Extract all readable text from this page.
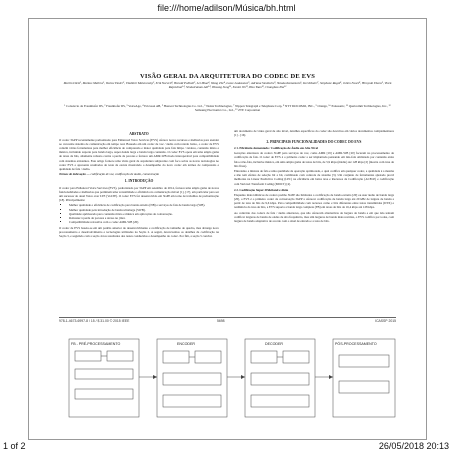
file:///home/adilson/Música/bh.html
VISÃO GERAL DA ARQUITETURA DO CODEC DE EVS
Martin Dietz¹, Markus Multrus¹, Vaclav Eksler², Vladimir Malenovsky², Erik Norvell³, Harald Pobloth³, Lei Miao⁴, Wang Zhe⁴, Lasse Laaksonen⁵, Adriana Vasilache⁵, Yutaka Kamamoto⁶, Kei Kikuiri⁷, Stephane Ragot⁸, Julien Faure⁸, Hiroyuki Ehara⁹, Vivek Rajendran¹⁰, Venkatraman Atti¹⁰, Hosang Sung¹¹, Eunmi Oh¹¹, Hao Yuan¹², Changbao Zhu¹²
¹ Consórcio da Fraunhofer IIS, ² Fraunhofer IIS, ³ VoiceAge, ⁴ Ericsson AB, ⁵ Huawei Technologies Co. Ltd., ⁶ Nokia Technologies, ⁷ Nippon Telegraph e Telephone Corp, ⁸ NTT DOCOMO, INC., ⁹ Orange, ¹⁰ Panasonic, ¹¹ Qualcomm Technologies, Inc., ¹² Samsung Electronics Co., Ltd., ¹³ ZTE Corporation
ABSTRATO

O codec 3GPP recentemente padronizado para Enhanced Voice Services (EVS) oferece novos recursos e melhorias para atender ao crescente sistema de comunicação em tempo real. Baseado em um codec de voz / áudio com retardo baixo, o codec de EVS contém várias ferramentas para melhor eficiência de compressão e maior qualidade para fala limpa / ruidosa, conteúdo misto e música, incluindo suporte para banda larga, super-banda larga e banda larga conteúdo. O codec EVS opera em uma ampla gama de taxas de bits, altamente robusto contra a perda de pacotes e fornece um AMR-WB modo interoperável para compatibilidade com sistemas existentes. Este artigo fornece uma visão geral da arquitetura subjacente com foco sobre as novas tecnologias no codec EVS e apresenta resultados de teste de escuta mostrando o desempenho do novo codec em termos de compressão e qualidade de fala / áudio.

Termos de indexação — codificação de voz, codificação de áudio, comunicação

1. INTRODUÇÃO

O codec para Enhanced Voice Services (EVS), padronizado por 3GPP em setembro de 2014, fornece uma ampla gama de novos funcionalidades e melhorias que permitem uma versatilidade e eficiência na comunicação móvel [1], [17], em particular para ser um sucessor do atual Voice over LTE (VoLTE). O codec EVS foi desenvolvido em 3GPP em torno de trabalhos de padronização [18]. Principalmente:

▪ Melhor qualidade e eficiência de codificação para banda estreita (NB) e serviços de fala de banda larga (WB).
▪ Melhor qualidade pela introdução de banda ultralarga (SWB).
▪ Qualidade aprimorada para conteúdo misto e música em aplicações de conversação.
▪ Robustez à perda de pacotes e atraso no jitter.
▪ Compatibilidade retroativa com o codec AMR-WB [20].

O codec de EVS baseia-se em um padrão anterior do desenvolvimento e codificação de tamanho de quadro, mas abrange novo processamento e desenvolvimento e tecnologias utilizadas na Seção 2. A seguir, descrevemos os detalhes da codificação na Seção 3, e seguindo com a seção 4 nos resultados dos testes conduzidos e desempenho do codec. Por fim, a seção 5 conclui.

um documento de vídeo geral de alto nível, detalhes específicos do codec são descritos em vários documentos complementares [1] - [16].

2. PRINCIPAIS FUNCIONALIDADES DO CODEC DO EVS
2.1. Eficiência Aumentada / Codificação de Áudio em Alto Nível

Gerações anteriores de codecs 3GPP para serviços de voz, como AMR [19] e AMR-WB [20] focaram no processamento de codificação de fala. O codec de EVS é o primeiro codec a ser implantado pensando em não-fala otimizado por conteúdo entre fala e não-fala, inclusive música, em uma ampla gama de taxas de bits, de 5,9 kbps (médio) até 128 kbps [2] (mostra com taxa de bits fixas).

Entretanto a mistura de fala e uma qualidade de operação aprimorada, o qual codifica em qualquer codec, a qualidade é a mesma e não tem efeitos de seleção bit a bit, combinado com controle de sistema [3]. Um conjunto de ferramentas ajustado provê melhorias na Linear Predictive Coding (LPC) na eficiência em baixa taxa e Recursos da Codificação (ACELP) e codificação com Variavel Transform Coding (MDCT) [4].

2.2. Codificação Super-Wideband e Além

Enquanto mais idênticos de codecs padrão 3GPP são limitados a codificação de banda estreita [20] ou usar áudio de banda larga [20], o EVS é o primeiro codec de conversação 3GPP a oferecer codificação de banda larga até 20 kHz de largura de banda a partir de taxa de bits de 9,6 kbps. Para compatibilidade com recursos como e bits diferentes entre taxas transmitidas (DTX) e resiliência da taxa de bits, a EVS suporta a banda larga completa (FB) em taxas de bits de 16,4 kbps até 128 kbps.

Ao contrário dos codecs de fala / áudio anteriores, que não oferecem alternativas de largura de banda e em que não tentam codificar larguras de banda de ondas de alta frequência, mas sim larguras de banda mais restritas, o EVS codifica por todas, com largura de banda adaptativa de acordo com o sinal de entrada e a taxa de bits.

978-1-4673-6997-8 / 15 / $ 31.00 © 2015 IEEE	5698	ICASSP 2015
FB - PRÉ-PROCESSAMENTO	ENCODER	DECODER	PÓS-PROCESSAMENTO
1 of 2	26/05/2018 20:13
